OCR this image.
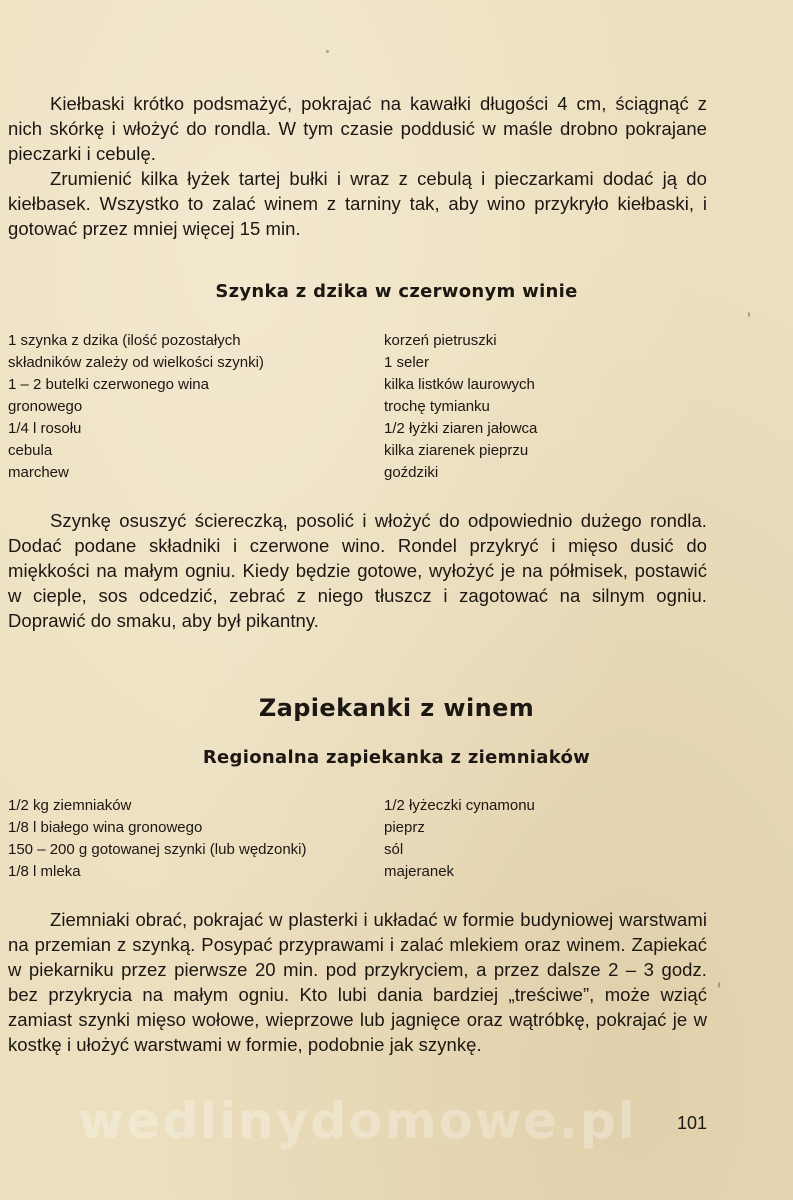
Kiełbaski krótko podsmażyć, pokrajać na kawałki długości 4 cm, ściągnąć z nich skórkę i włożyć do rondla. W tym czasie poddusić w maśle drobno pokrajane pieczarki i cebulę.

Zrumienić kilka łyżek tartej bułki i wraz z cebulą i pieczarkami dodać ją do kiełbasek. Wszystko to zalać winem z tarniny tak, aby wino przykryło kiełbaski, i gotować przez mniej więcej 15 min.

Szynka z dzika w czerwonym winie
1 szynka z dzika (ilość pozostałych
składników zależy od wielkości szynki)
1 – 2 butelki czerwonego wina
gronowego
1/4 l rosołu
cebula
marchew
korzeń pietruszki
1 seler
kilka listków laurowych
trochę tymianku
1/2 łyżki ziaren jałowca
kilka ziarenek pieprzu
goździki

Szynkę osuszyć ściereczką, posolić i włożyć do odpowiednio dużego rondla. Dodać podane składniki i czerwone wino. Rondel przykryć i mięso dusić do miękkości na małym ogniu. Kiedy będzie gotowe, wyłożyć je na półmisek, postawić w cieple, sos odcedzić, zebrać z niego tłuszcz i zagotować na silnym ogniu. Doprawić do smaku, aby był pikantny.

Zapiekanki z winem
Regionalna zapiekanka z ziemniaków
1/2 kg ziemniaków
1/8 l białego wina gronowego
150 – 200 g gotowanej szynki (lub wędzonki)
1/8 l mleka
1/2 łyżeczki cynamonu
pieprz
sól
majeranek

Ziemniaki obrać, pokrajać w plasterki i układać w formie budyniowej warstwami na przemian z szynką. Posypać przyprawami i zalać mlekiem oraz winem. Zapiekać w piekarniku przez pierwsze 20 min. pod przykryciem, a przez dalsze 2 – 3 godz. bez przykrycia na małym ogniu. Kto lubi dania bardziej „treściwe”, może wziąć zamiast szynki mięso wołowe, wieprzowe lub jagnięce oraz wątróbkę, pokrajać je w kostkę i ułożyć warstwami w formie, podobnie jak szynkę.

wedlinydomowe.pl 101
